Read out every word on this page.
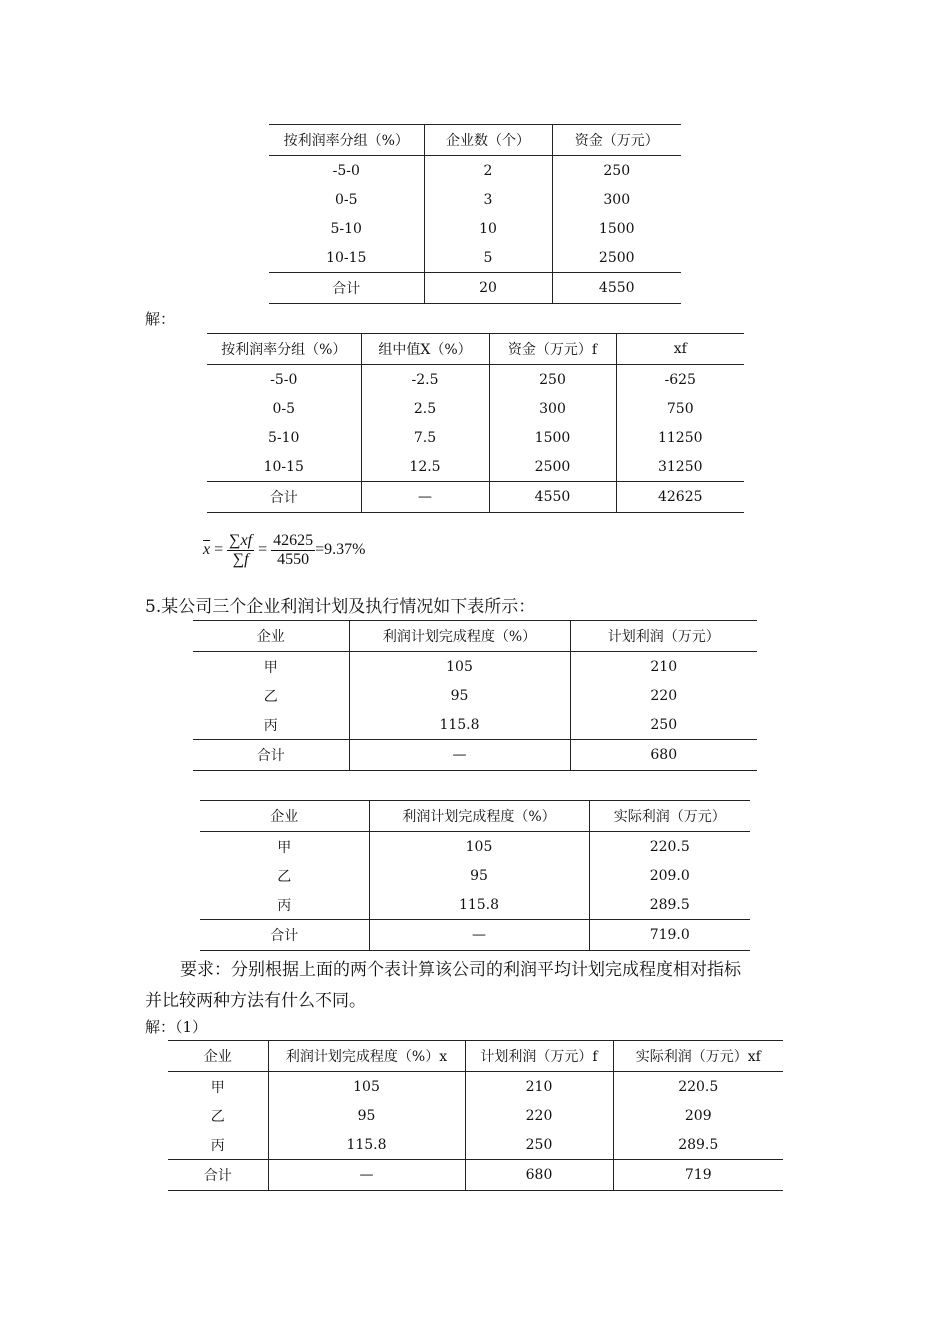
按利润率分组（%）	企业数（个）	资金（万元）
-5-0	2	250
0-5	3	300
5-10	10	1500
10-15	5	2500
合计	20	4550
解：
按利润率分组（%）	组中值X（%）	资金（万元）f	xf
-5-0	-2.5	250	-625
0-5	2.5	300	750
5-10	7.5	1500	11250
10-15	12.5	2500	31250
合计	—	4550	42625
$\overline{x} = \frac{\sum xf}{\sum f} = \frac{42625}{4550} =9.37\%$
5.某公司三个企业利润计划及执行情况如下表所示：
企业	利润计划完成程度（%）	计划利润（万元）
甲	105	210
乙	95	220
丙	115.8	250
合计	—	680
企业	利润计划完成程度（%）	实际利润（万元）
甲	105	220.5
乙	95	209.0
丙	115.8	289.5
合计	—	719.0
要求：分别根据上面的两个表计算该公司的利润平均计划完成程度相对指标
并比较两种方法有什么不同。
解：（1）
企业	利润计划完成程度（%）x	计划利润（万元）f	实际利润（万元）xf
甲	105	210	220.5
乙	95	220	209
丙	115.8	250	289.5
合计	—	680	719
